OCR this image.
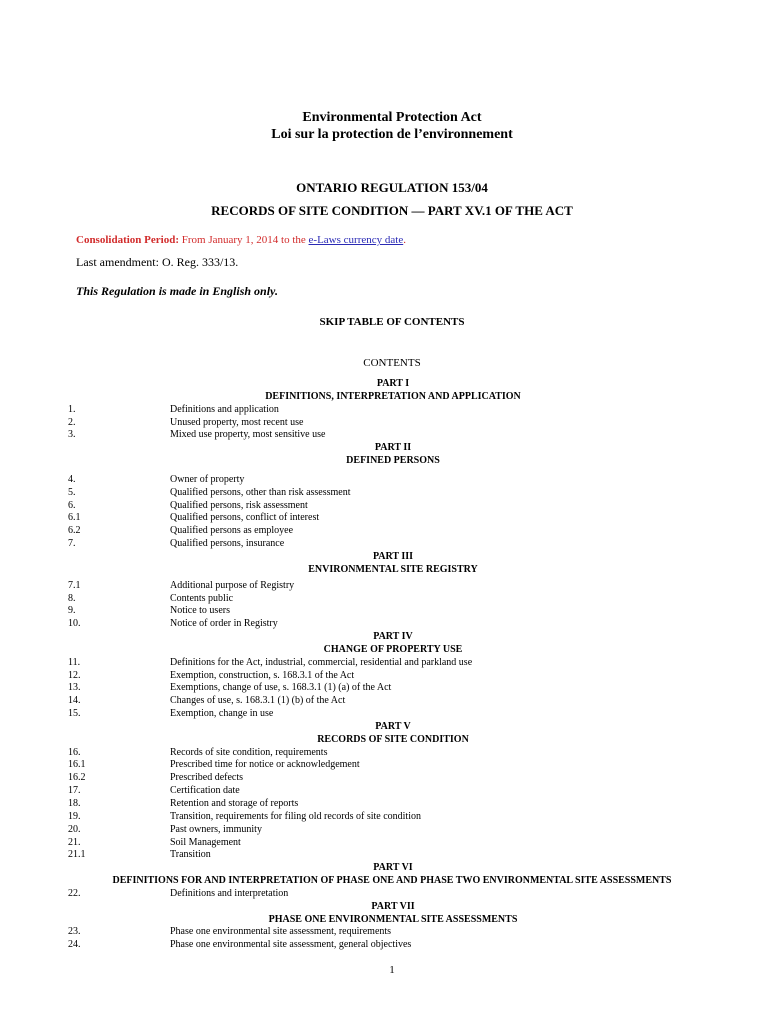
Environmental Protection Act
Loi sur la protection de l’environnement
ONTARIO REGULATION 153/04
RECORDS OF SITE CONDITION — PART XV.1 OF THE ACT
Consolidation Period: From January 1, 2014 to the e-Laws currency date.
Last amendment: O. Reg. 333/13.
This Regulation is made in English only.
SKIP TABLE OF CONTENTS
CONTENTS
PART I
DEFINITIONS, INTERPRETATION AND APPLICATION
1.	Definitions and application
2.	Unused property, most recent use
3.	Mixed use property, most sensitive use
PART II
DEFINED PERSONS
4.	Owner of property
5.	Qualified persons, other than risk assessment
6.	Qualified persons, risk assessment
6.1	Qualified persons, conflict of interest
6.2	Qualified persons as employee
7.	Qualified persons, insurance
PART III
ENVIRONMENTAL SITE REGISTRY
7.1	Additional purpose of Registry
8.	Contents public
9.	Notice to users
10.	Notice of order in Registry
PART IV
CHANGE OF PROPERTY USE
11.	Definitions for the Act, industrial, commercial, residential and parkland use
12.	Exemption, construction, s. 168.3.1 of the Act
13.	Exemptions, change of use, s. 168.3.1 (1) (a) of the Act
14.	Changes of use, s. 168.3.1 (1) (b) of the Act
15.	Exemption, change in use
PART V
RECORDS OF SITE CONDITION
16.	Records of site condition, requirements
16.1	Prescribed time for notice or acknowledgement
16.2	Prescribed defects
17.	Certification date
18.	Retention and storage of reports
19.	Transition, requirements for filing old records of site condition
20.	Past owners, immunity
21.	Soil Management
21.1	Transition
PART VI
DEFINITIONS FOR AND INTERPRETATION OF PHASE ONE AND PHASE TWO ENVIRONMENTAL SITE ASSESSMENTS
22.	Definitions and interpretation
PART VII
PHASE ONE ENVIRONMENTAL SITE ASSESSMENTS
23.	Phase one environmental site assessment, requirements
24.	Phase one environmental site assessment, general objectives
1
